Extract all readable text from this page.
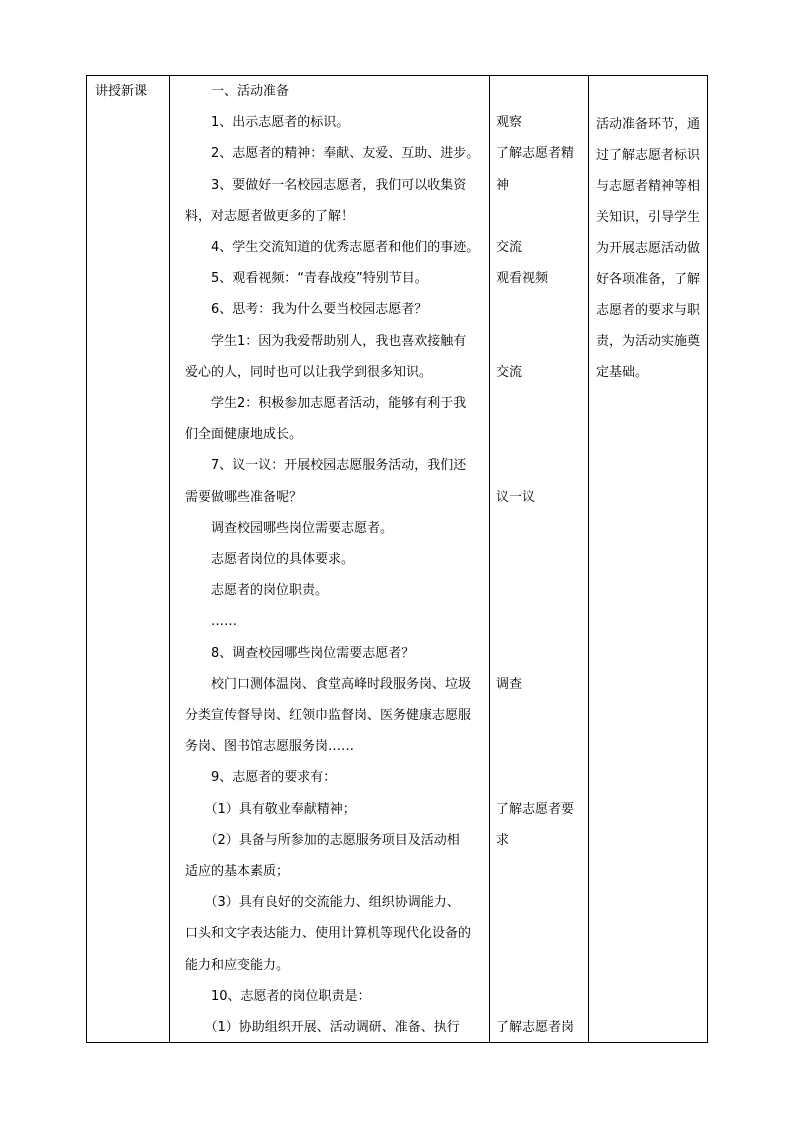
讲授新课	　　一、活动准备
　　1、出示志愿者的标识。
　　2、志愿者的精神：奉献、友爱、互助、进步。
　　3、要做好一名校园志愿者，我们可以收集资
料，对志愿者做更多的了解！
　　4、学生交流知道的优秀志愿者和他们的事迹。
　　5、观看视频：“青春战疫”特别节目。
　　6、思考：我为什么要当校园志愿者？
　　学生1：因为我爱帮助别人，我也喜欢接触有
爱心的人，同时也可以让我学到很多知识。
　　学生2：积极参加志愿者活动，能够有利于我
们全面健康地成长。
　　7、议一议：开展校园志愿服务活动，我们还
需要做哪些准备呢？
　　调查校园哪些岗位需要志愿者。
　　志愿者岗位的具体要求。
　　志愿者的岗位职责。
　　……
　　8、调查校园哪些岗位需要志愿者？
　　校门口测体温岗、食堂高峰时段服务岗、垃圾
分类宣传督导岗、红领巾监督岗、医务健康志愿服
务岗、图书馆志愿服务岗……
　　9、志愿者的要求有：
　　（1）具有敬业奉献精神；
　　（2）具备与所参加的志愿服务项目及活动相
适应的基本素质；
　　（3）具有良好的交流能力、组织协调能力、
口头和文字表达能力、使用计算机等现代化设备的
能力和应变能力。
　　10、志愿者的岗位职责是：
　　（1）协助组织开展、活动调研、准备、执行
观察
了解志愿者精
神
交流
观看视频
交流
议一议
调查
了解志愿者要
求
了解志愿者岗

活动准备环节，通过了解志愿者标识与志愿者精神等相关知识，引导学生为开展志愿活动做好各项准备，了解志愿者的要求与职责，为活动实施奠定基础。
